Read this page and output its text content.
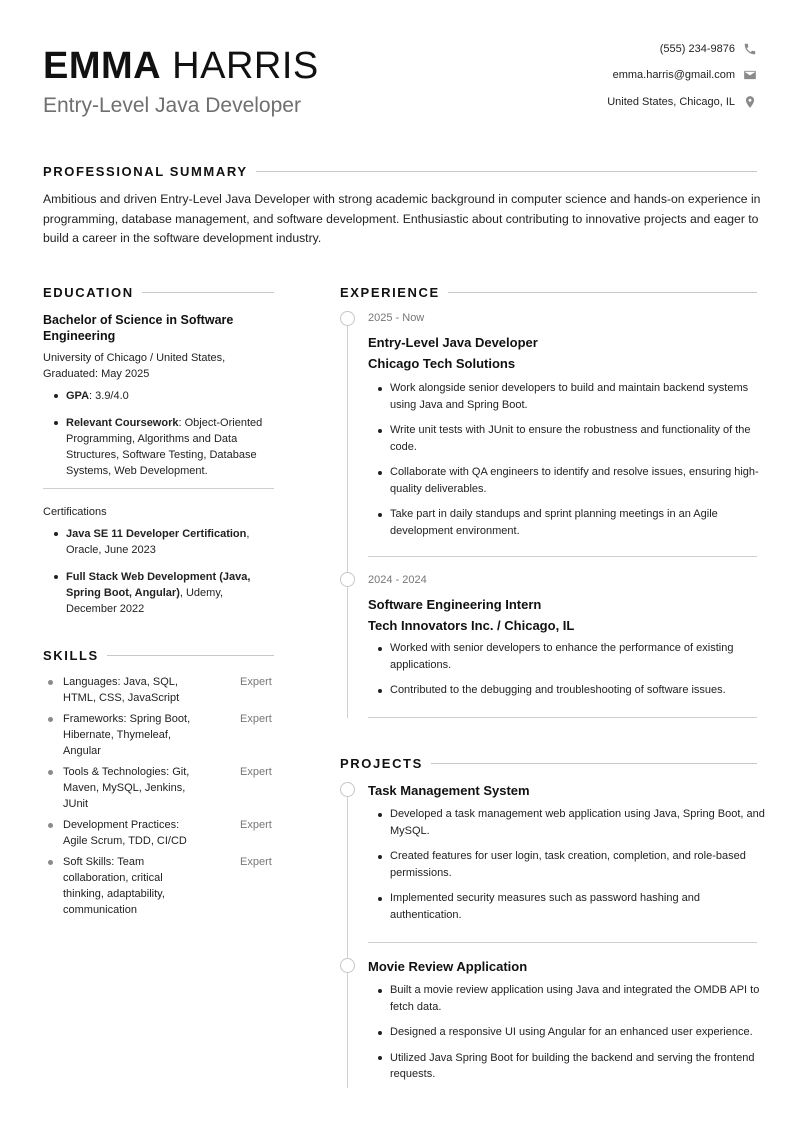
EMMA HARRIS
Entry-Level Java Developer
(555) 234-9876
emma.harris@gmail.com
United States, Chicago, IL
PROFESSIONAL SUMMARY
Ambitious and driven Entry-Level Java Developer with strong academic background in computer science and hands-on experience in programming, database management, and software development. Enthusiastic about contributing to innovative projects and eager to build a career in the software development industry.
EDUCATION
Bachelor of Science in Software Engineering
University of Chicago / United States,
Graduated: May 2025
GPA: 3.9/4.0
Relevant Coursework: Object-Oriented Programming, Algorithms and Data Structures, Software Testing, Database Systems, Web Development.
Certifications
Java SE 11 Developer Certification, Oracle, June 2023
Full Stack Web Development (Java, Spring Boot, Angular), Udemy, December 2022
SKILLS
Languages: Java, SQL, HTML, CSS, JavaScript
Expert
Frameworks: Spring Boot, Hibernate, Thymeleaf, Angular
Expert
Tools & Technologies: Git, Maven, MySQL, Jenkins, JUnit
Expert
Development Practices: Agile Scrum, TDD, CI/CD
Expert
Soft Skills: Team collaboration, critical thinking, adaptability, communication
Expert
EXPERIENCE
2025 - Now
Entry-Level Java Developer
Chicago Tech Solutions
Work alongside senior developers to build and maintain backend systems using Java and Spring Boot.
Write unit tests with JUnit to ensure the robustness and functionality of the code.
Collaborate with QA engineers to identify and resolve issues, ensuring high-quality deliverables.
Take part in daily standups and sprint planning meetings in an Agile development environment.
2024 - 2024
Software Engineering Intern
Tech Innovators Inc. / Chicago, IL
Worked with senior developers to enhance the performance of existing applications.
Contributed to the debugging and troubleshooting of software issues.
PROJECTS
Task Management System
Developed a task management web application using Java, Spring Boot, and MySQL.
Created features for user login, task creation, completion, and role-based permissions.
Implemented security measures such as password hashing and authentication.
Movie Review Application
Built a movie review application using Java and integrated the OMDB API to fetch data.
Designed a responsive UI using Angular for an enhanced user experience.
Utilized Java Spring Boot for building the backend and serving the frontend requests.
